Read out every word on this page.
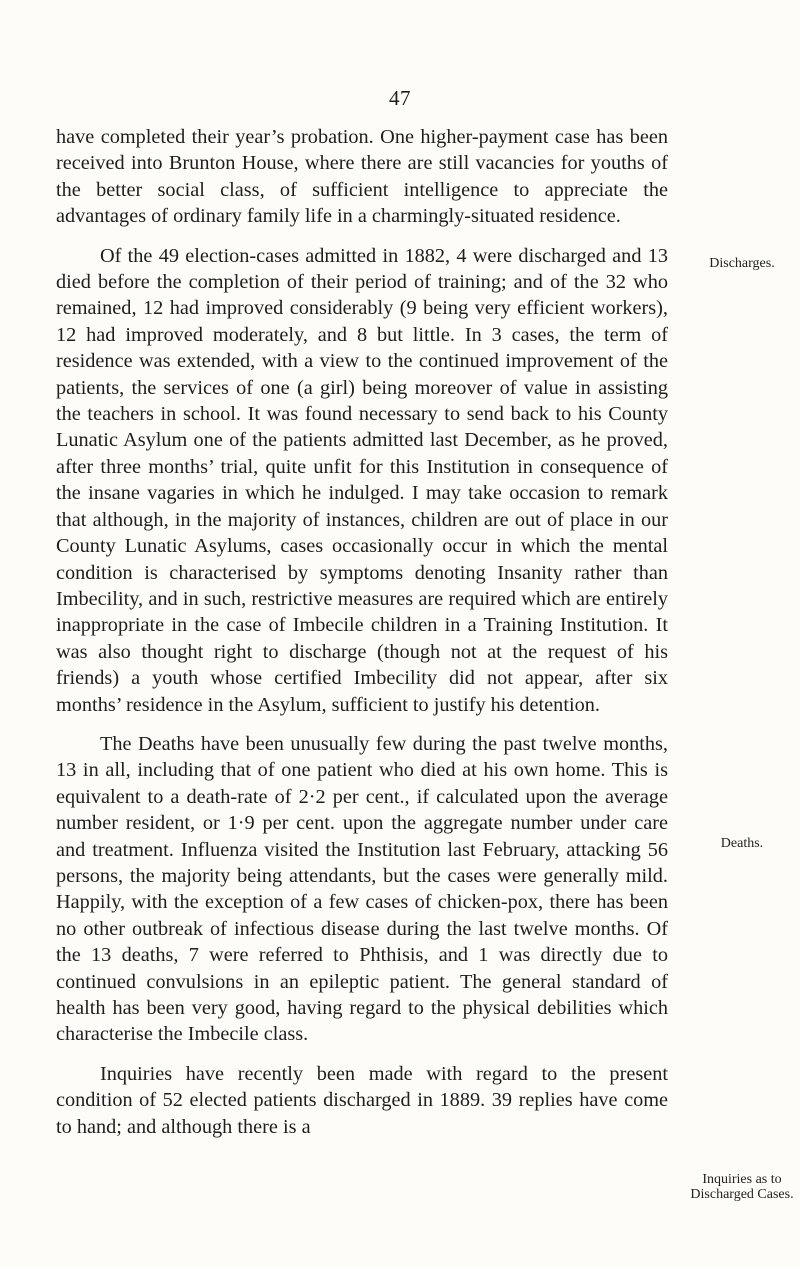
47

have completed their year’s probation. One higher-payment case has been received into Brunton House, where there are still vacancies for youths of the better social class, of sufficient intelligence to appreciate the advantages of ordinary family life in a charmingly-situated residence.

Of the 49 election-cases admitted in 1882, 4 were discharged and 13 died before the completion of their period of training; and of the 32 who remained, 12 had improved considerably (9 being very efficient workers), 12 had improved moderately, and 8 but little. In 3 cases, the term of residence was extended, with a view to the continued improvement of the patients, the services of one (a girl) being moreover of value in assisting the teachers in school. It was found necessary to send back to his County Lunatic Asylum one of the patients admitted last December, as he proved, after three months’ trial, quite unfit for this Institution in consequence of the insane vagaries in which he indulged. I may take occasion to remark that although, in the majority of instances, children are out of place in our County Lunatic Asylums, cases occasionally occur in which the mental condition is characterised by symptoms denoting Insanity rather than Imbecility, and in such, restrictive measures are required which are entirely inappropriate in the case of Imbecile children in a Training Institution. It was also thought right to discharge (though not at the request of his friends) a youth whose certified Imbecility did not appear, after six months’ residence in the Asylum, sufficient to justify his detention.

The Deaths have been unusually few during the past twelve months, 13 in all, including that of one patient who died at his own home. This is equivalent to a death-rate of 2·2 per cent., if calculated upon the average number resident, or 1·9 per cent. upon the aggregate number under care and treatment. Influenza visited the Institution last February, attacking 56 persons, the majority being attendants, but the cases were generally mild. Happily, with the exception of a few cases of chicken-pox, there has been no other outbreak of infectious disease during the last twelve months. Of the 13 deaths, 7 were referred to Phthisis, and 1 was directly due to continued convulsions in an epileptic patient. The general standard of health has been very good, having regard to the physical debilities which characterise the Imbecile class.

Inquiries have recently been made with regard to the present condition of 52 elected patients discharged in 1889. 39 replies have come to hand; and although there is a

Discharges.
Deaths.
Inquiries as to Discharged Cases.
